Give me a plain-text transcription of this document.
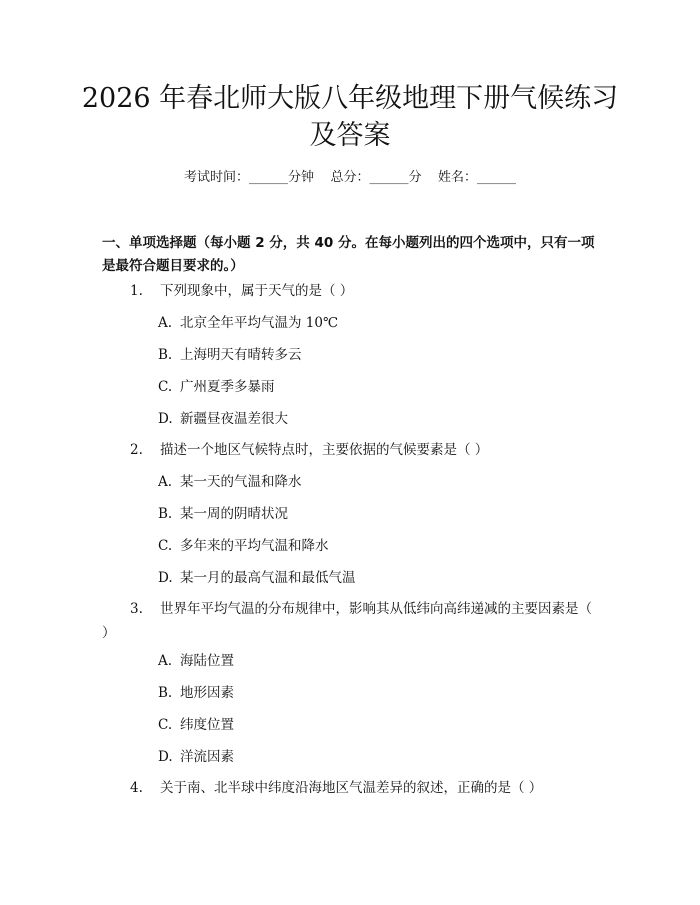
2026 年春北师大版八年级地理下册气候练习
及答案
考试时间：______分钟    总分：______分    姓名：______
一、单项选择题（每小题 2 分，共 40 分。在每小题列出的四个选项中，只有一项是最符合题目要求的。）
1. 下列现象中，属于天气的是（ ）
A. 北京全年平均气温为 10℃
B. 上海明天有晴转多云
C. 广州夏季多暴雨
D. 新疆昼夜温差很大
2. 描述一个地区气候特点时，主要依据的气候要素是（ ）
A. 某一天的气温和降水
B. 某一周的阴晴状况
C. 多年来的平均气温和降水
D. 某一月的最高气温和最低气温
3. 世界年平均气温的分布规律中，影响其从低纬向高纬递减的主要因素是（ ）
A. 海陆位置
B. 地形因素
C. 纬度位置
D. 洋流因素
4. 关于南、北半球中纬度沿海地区气温差异的叙述，正确的是（ ）
